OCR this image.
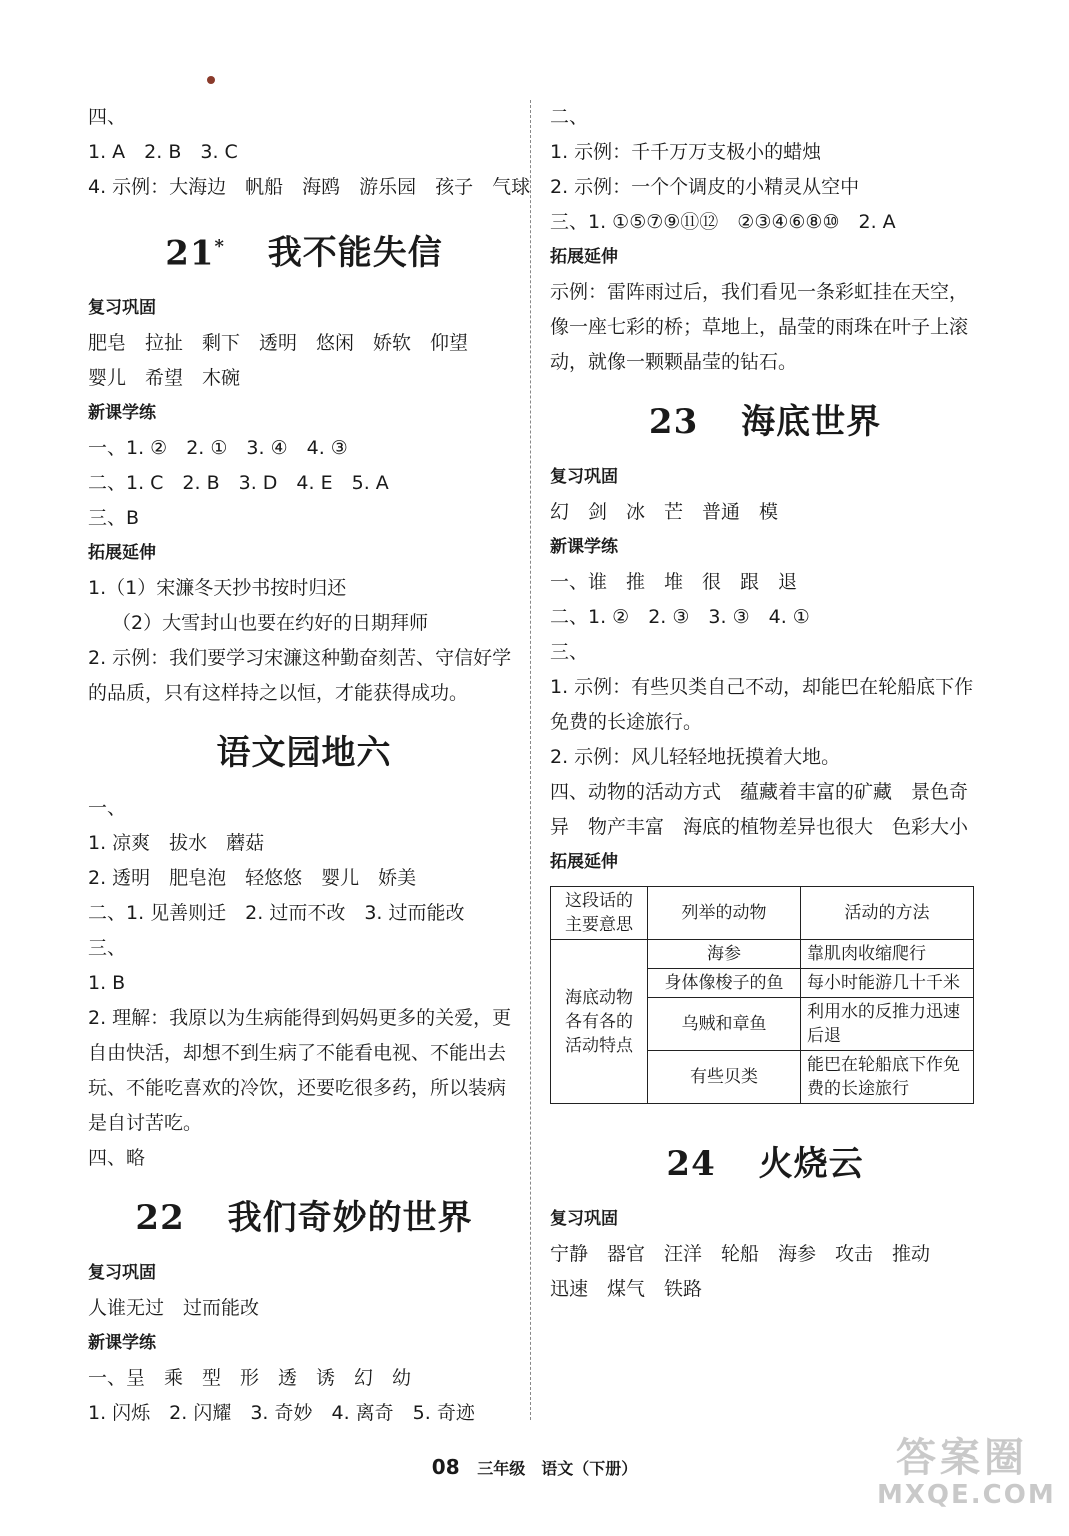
四、
1. A　2. B　3. C
4. 示例：大海边　帆船　海鸥　游乐园　孩子　气球
21* 我不能失信
复习巩固
肥皂　拉扯　剩下　透明　悠闲　娇软　仰望
婴儿　希望　木碗
新课学练
一、1. ②　2. ①　3. ④　4. ③
二、1. C　2. B　3. D　4. E　5. A
三、B
拓展延伸
1.（1）宋濂冬天抄书按时归还
（2）大雪封山也要在约好的日期拜师
2. 示例：我们要学习宋濂这种勤奋刻苦、守信好学的品质，只有这样持之以恒，才能获得成功。
语文园地六
一、
1. 凉爽　拔水　蘑菇
2. 透明　肥皂泡　轻悠悠　婴儿　娇美
二、1. 见善则迁　2. 过而不改　3. 过而能改
三、
1. B
2. 理解：我原以为生病能得到妈妈更多的关爱，更自由快活，却想不到生病了不能看电视、不能出去玩、不能吃喜欢的冷饮，还要吃很多药，所以装病是自讨苦吃。
四、略
22 我们奇妙的世界
复习巩固
人谁无过　过而能改
新课学练
一、呈　乘　型　形　透　诱　幻　幼
1. 闪烁　2. 闪耀　3. 奇妙　4. 离奇　5. 奇迹
二、
1. 示例：千千万万支极小的蜡烛
2. 示例：一个个调皮的小精灵从空中
三、1. ①⑤⑦⑨⑪⑫　②③④⑥⑧⑩　2. A
拓展延伸
示例：雷阵雨过后，我们看见一条彩虹挂在天空，像一座七彩的桥；草地上，晶莹的雨珠在叶子上滚动，就像一颗颗晶莹的钻石。
23 海底世界
复习巩固
幻　剑　冰　芒　普通　模
新课学练
一、谁　推　堆　很　跟　退
二、1. ②　2. ③　3. ③　4. ①
三、
1. 示例：有些贝类自己不动，却能巴在轮船底下作免费的长途旅行。
2. 示例：风儿轻轻地抚摸着大地。
四、动物的活动方式　蕴藏着丰富的矿藏　景色奇异　物产丰富　海底的植物差异也很大　色彩大小
拓展延伸
这段话的主要意思	列举的动物	活动的方法
海底动物各有各的活动特点	海参	靠肌肉收缩爬行
	身体像梭子的鱼	每小时能游几十千米
	乌贼和章鱼	利用水的反推力迅速后退
	有些贝类	能巴在轮船底下作免费的长途旅行
24 火烧云
复习巩固
宁静　器官　汪洋　轮船　海参　攻击　推动
迅速　煤气　铁路
08 三年级　语文（下册）	答案圈
MXQE.COM
